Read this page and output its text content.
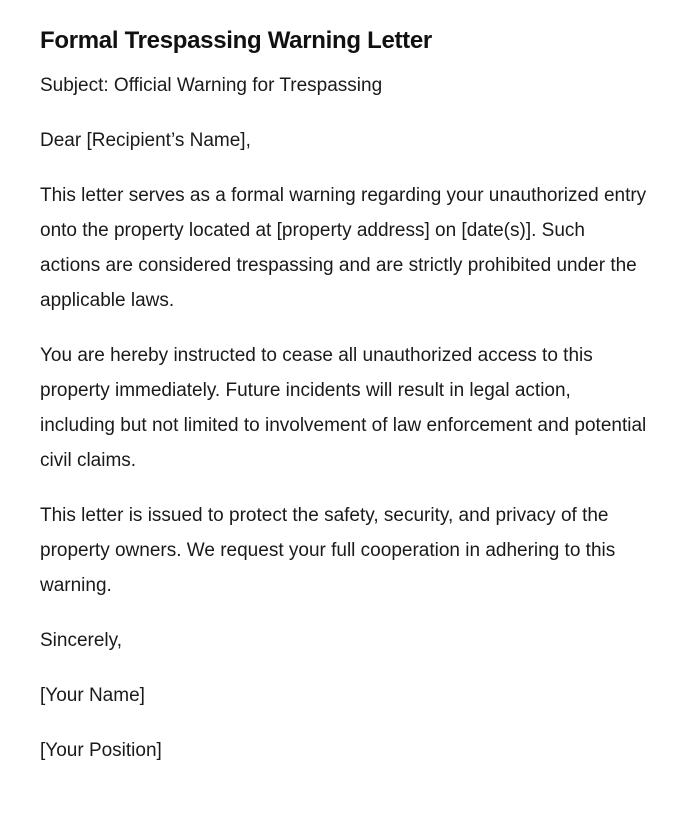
Formal Trespassing Warning Letter

Subject: Official Warning for Trespassing

Dear [Recipient’s Name],

This letter serves as a formal warning regarding your unauthorized entry onto the property located at [property address] on [date(s)]. Such actions are considered trespassing and are strictly prohibited under the applicable laws.

You are hereby instructed to cease all unauthorized access to this property immediately. Future incidents will result in legal action, including but not limited to involvement of law enforcement and potential civil claims.

This letter is issued to protect the safety, security, and privacy of the property owners. We request your full cooperation in adhering to this warning.

Sincerely,

[Your Name]

[Your Position]
